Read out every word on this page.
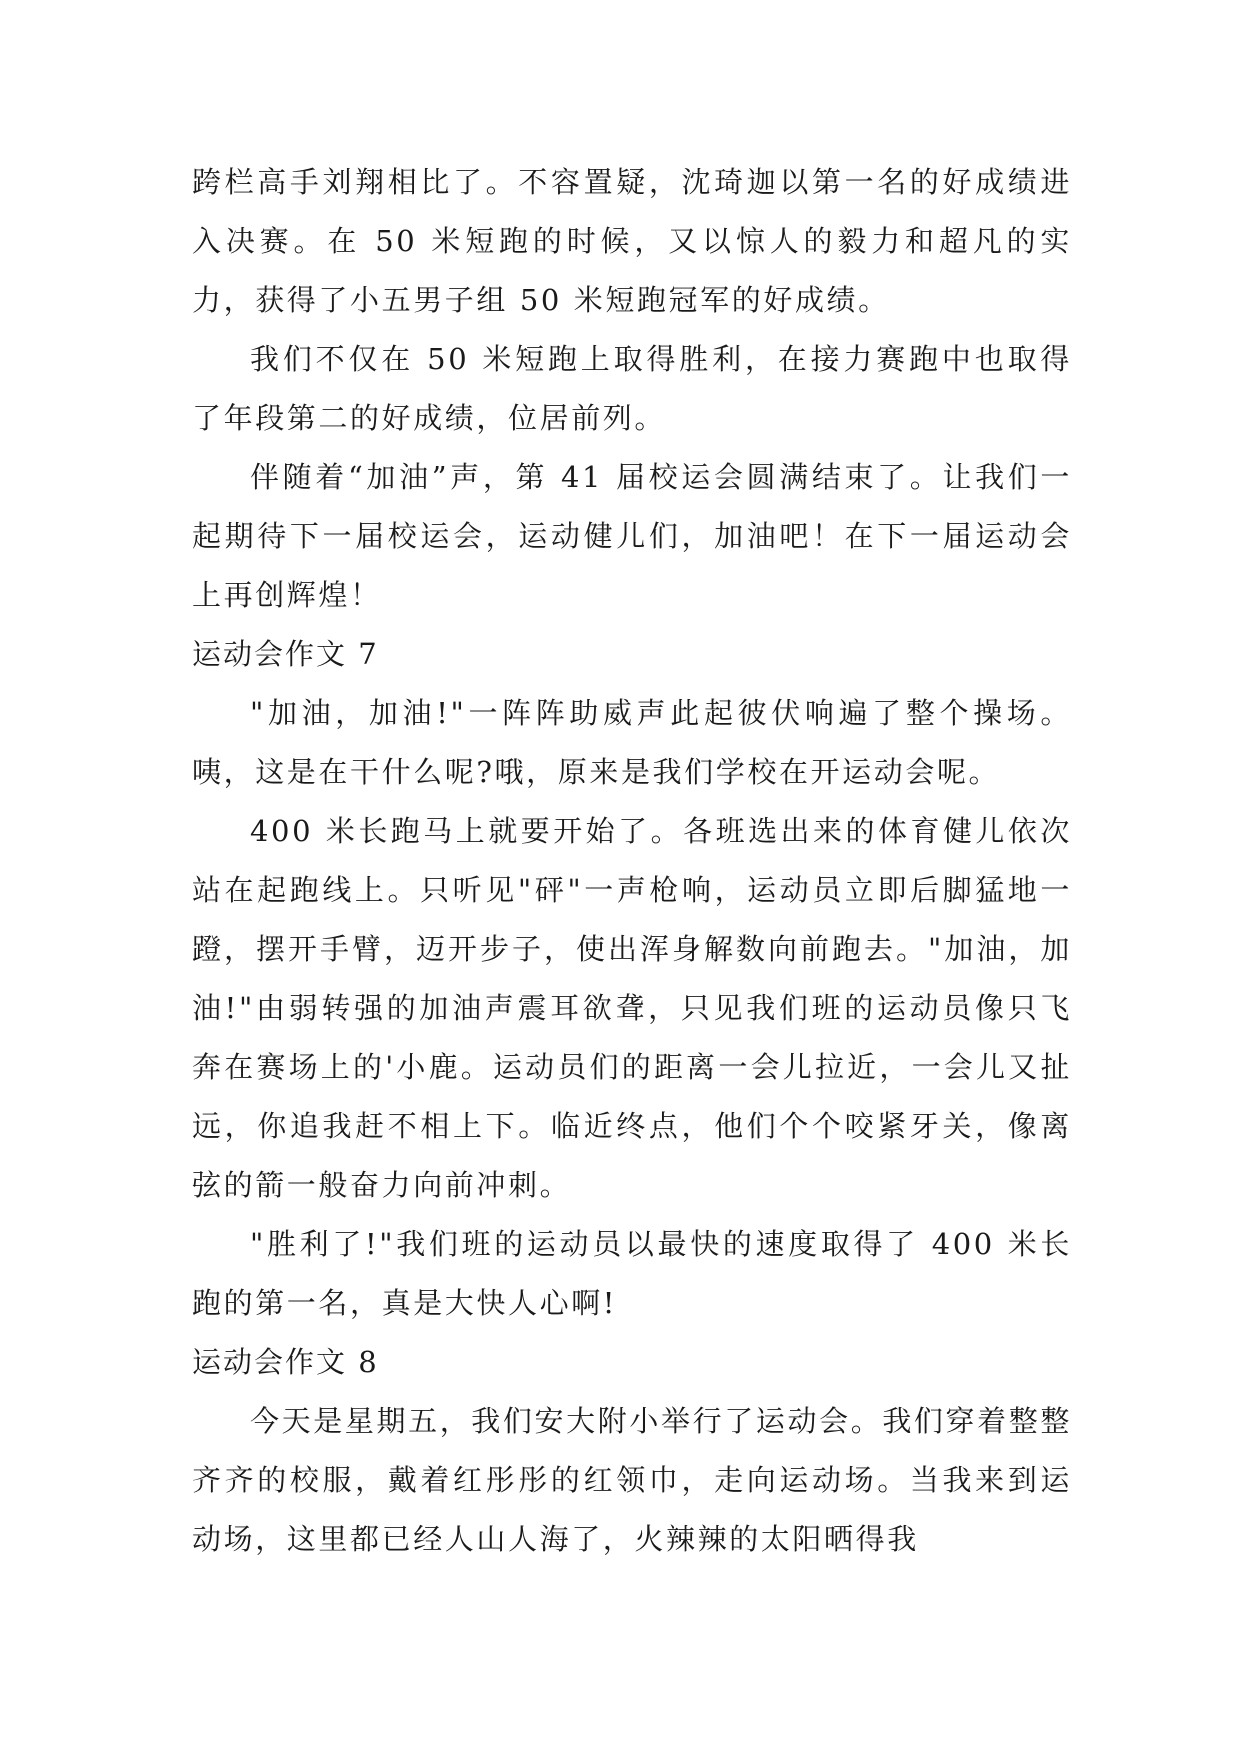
跨栏高手刘翔相比了。不容置疑，沈琦迦以第一名的好成绩进入决赛。在 50 米短跑的时候，又以惊人的毅力和超凡的实力，获得了小五男子组 50 米短跑冠军的好成绩。

我们不仅在 50 米短跑上取得胜利，在接力赛跑中也取得了年段第二的好成绩，位居前列。

伴随着“加油”声，第 41 届校运会圆满结束了。让我们一起期待下一届校运会，运动健儿们，加油吧！在下一届运动会上再创辉煌！

运动会作文 7

"加油，加油!"一阵阵助威声此起彼伏响遍了整个操场。咦，这是在干什么呢?哦，原来是我们学校在开运动会呢。

400 米长跑马上就要开始了。各班选出来的体育健儿依次站在起跑线上。只听见"砰"一声枪响，运动员立即后脚猛地一蹬，摆开手臂，迈开步子，使出浑身解数向前跑去。"加油，加油!"由弱转强的加油声震耳欲聋，只见我们班的运动员像只飞奔在赛场上的'小鹿。运动员们的距离一会儿拉近，一会儿又扯远，你追我赶不相上下。临近终点，他们个个咬紧牙关，像离弦的箭一般奋力向前冲刺。

"胜利了!"我们班的运动员以最快的速度取得了 400 米长跑的第一名，真是大快人心啊!

运动会作文 8

今天是星期五，我们安大附小举行了运动会。我们穿着整整齐齐的校服，戴着红彤彤的红领巾，走向运动场。当我来到运动场，这里都已经人山人海了，火辣辣的太阳晒得我
